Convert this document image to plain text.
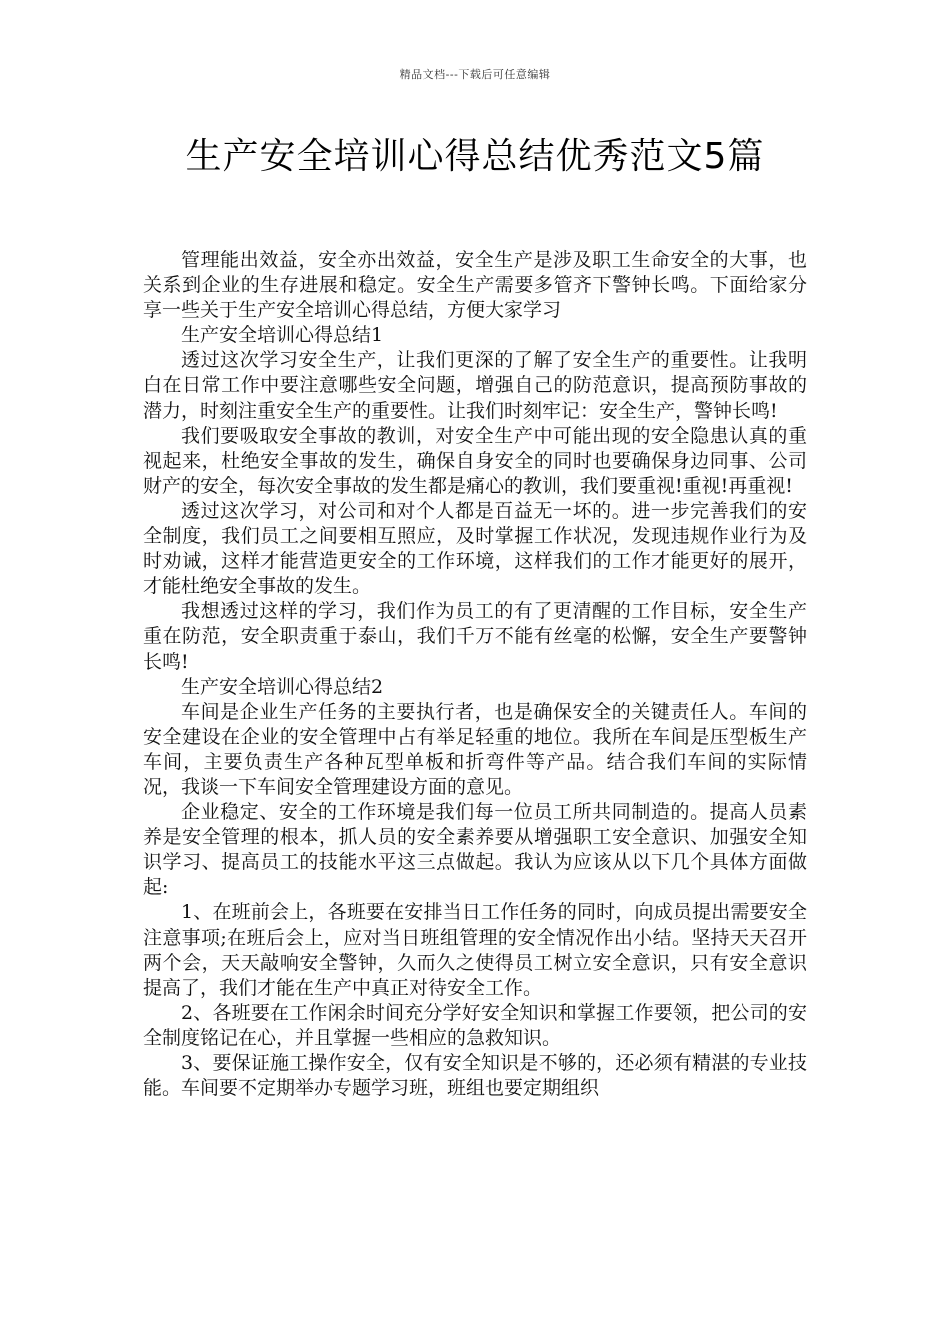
精品文档---下载后可任意编辑
生产安全培训心得总结优秀范文5篇

管理能出效益，安全亦出效益，安全生产是涉及职工生命安全的大事，也关系到企业的生存进展和稳定。安全生产需要多管齐下警钟长鸣。下面给家分享一些关于生产安全培训心得总结，方便大家学习

生产安全培训心得总结1

透过这次学习安全生产，让我们更深的了解了安全生产的重要性。让我明白在日常工作中要注意哪些安全问题，增强自己的防范意识，提高预防事故的潜力，时刻注重安全生产的重要性。让我们时刻牢记：安全生产，警钟长鸣!

我们要吸取安全事故的教训，对安全生产中可能出现的安全隐患认真的重视起来，杜绝安全事故的发生，确保自身安全的同时也要确保身边同事、公司财产的安全，每次安全事故的发生都是痛心的教训，我们要重视!重视!再重视!

透过这次学习，对公司和对个人都是百益无一坏的。进一步完善我们的安全制度，我们员工之间要相互照应，及时掌握工作状况，发现违规作业行为及时劝诫，这样才能营造更安全的工作环境，这样我们的工作才能更好的展开，才能杜绝安全事故的发生。

我想透过这样的学习，我们作为员工的有了更清醒的工作目标，安全生产重在防范，安全职责重于泰山，我们千万不能有丝毫的松懈，安全生产要警钟长鸣!

生产安全培训心得总结2

车间是企业生产任务的主要执行者，也是确保安全的关键责任人。车间的安全建设在企业的安全管理中占有举足轻重的地位。我所在车间是压型板生产车间，主要负责生产各种瓦型单板和折弯件等产品。结合我们车间的实际情况，我谈一下车间安全管理建设方面的意见。

企业稳定、安全的工作环境是我们每一位员工所共同制造的。提高人员素养是安全管理的根本，抓人员的安全素养要从增强职工安全意识、加强安全知识学习、提高员工的技能水平这三点做起。我认为应该从以下几个具体方面做起:

1、在班前会上，各班要在安排当日工作任务的同时，向成员提出需要安全注意事项;在班后会上，应对当日班组管理的安全情况作出小结。坚持天天召开两个会，天天敲响安全警钟，久而久之使得员工树立安全意识，只有安全意识提高了，我们才能在生产中真正对待安全工作。

2、各班要在工作闲余时间充分学好安全知识和掌握工作要领，把公司的安全制度铭记在心，并且掌握一些相应的急救知识。

3、要保证施工操作安全，仅有安全知识是不够的，还必须有精湛的专业技能。车间要不定期举办专题学习班，班组也要定期组织
